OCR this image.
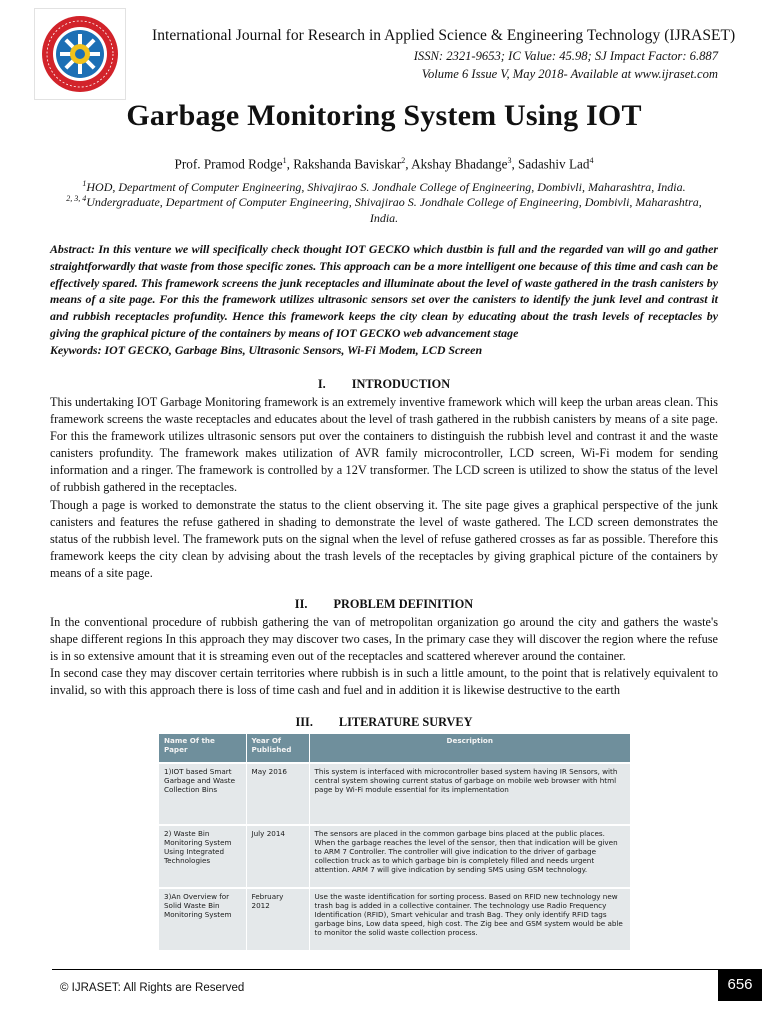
International Journal for Research in Applied Science & Engineering Technology (IJRASET)
ISSN: 2321-9653; IC Value: 45.98; SJ Impact Factor: 6.887
Volume 6 Issue V, May 2018- Available at www.ijraset.com
Garbage Monitoring System Using IOT
Prof. Pramod Rodge$^1$, Rakshanda Baviskar$^2$, Akshay Bhadange$^3$, Sadashiv Lad$^4$
$^1$HOD, Department of Computer Engineering, Shivajirao S. Jondhale College of Engineering, Dombivli, Maharashtra, India.
$^{2, 3, 4}$Undergraduate, Department of Computer Engineering, Shivajirao S. Jondhale College of Engineering, Dombivli, Maharashtra, India.

Abstract: In this venture we will specifically check thought IOT GECKO which dustbin is full and the regarded van will go and gather straightforwardly that waste from those specific zones. This approach can be a more intelligent one because of this time and cash can be effectively spared. This framework screens the junk receptacles and illuminate about the level of waste gathered in the trash canisters by means of a site page. For this the framework utilizes ultrasonic sensors set over the canisters to identify the junk level and contrast it and rubbish receptacles profundity. Hence this framework keeps the city clean by educating about the trash levels of receptacles by giving the graphical picture of the containers by means of IOT GECKO web advancement stage

Keywords: IOT GECKO, Garbage Bins, Ultrasonic Sensors, Wi-Fi Modem, LCD Screen

I. INTRODUCTION

This undertaking IOT Garbage Monitoring framework is an extremely inventive framework which will keep the urban areas clean. This framework screens the waste receptacles and educates about the level of trash gathered in the rubbish canisters by means of a site page. For this the framework utilizes ultrasonic sensors put over the containers to distinguish the rubbish level and contrast it and the waste canisters profundity. The framework makes utilization of AVR family microcontroller, LCD screen, Wi-Fi modem for sending information and a ringer. The framework is controlled by a 12V transformer. The LCD screen is utilized to show the status of the level of rubbish gathered in the receptacles.

Though a page is worked to demonstrate the status to the client observing it. The site page gives a graphical perspective of the junk canisters and features the refuse gathered in shading to demonstrate the level of waste gathered. The LCD screen demonstrates the status of the rubbish level. The framework puts on the signal when the level of refuse gathered crosses as far as possible. Therefore this framework keeps the city clean by advising about the trash levels of the receptacles by giving graphical picture of the containers by means of a site page.

II. PROBLEM DEFINITION

In the conventional procedure of rubbish gathering the van of metropolitan organization go around the city and gathers the waste's shape different regions In this approach they may discover two cases, In the primary case they will discover the region where the refuse is in so extensive amount that it is streaming even out of the receptacles and scattered wherever around the container.

In second case they may discover certain territories where rubbish is in such a little amount, to the point that is relatively equivalent to invalid, so with this approach there is loss of time cash and fuel and in addition it is likewise destructive to the earth

III. LITERATURE SURVEY
Name Of the Paper	Year Of Published	Description
1)IOT based Smart Garbage and Waste Collection Bins	May 2016	This system is interfaced with microcontroller based system having IR Sensors, with central system showing current status of garbage on mobile web browser with html page by Wi-Fi module essential for its implementation
2) Waste Bin Monitoring System Using Integrated Technologies	July 2014	The sensors are placed in the common garbage bins placed at the public places. When the garbage reaches the level of the sensor, then that indication will be given to ARM 7 Controller. The controller will give indication to the driver of garbage collection truck as to which garbage bin is completely filled and needs urgent attention. ARM 7 will give indication by sending SMS using GSM technology.
3)An Overview for Solid Waste Bin Monitoring System	February 2012	Use the waste identification for sorting process. Based on RFID new technology new trash bag is added in a collective container. The technology use Radio Frequency Identification (RFID), Smart vehicular and trash Bag. They only identify RFID tags garbage bins, Low data speed, high cost. The Zig bee and GSM system would be able to monitor the solid waste collection process.
© IJRASET: All Rights are Reserved	656
